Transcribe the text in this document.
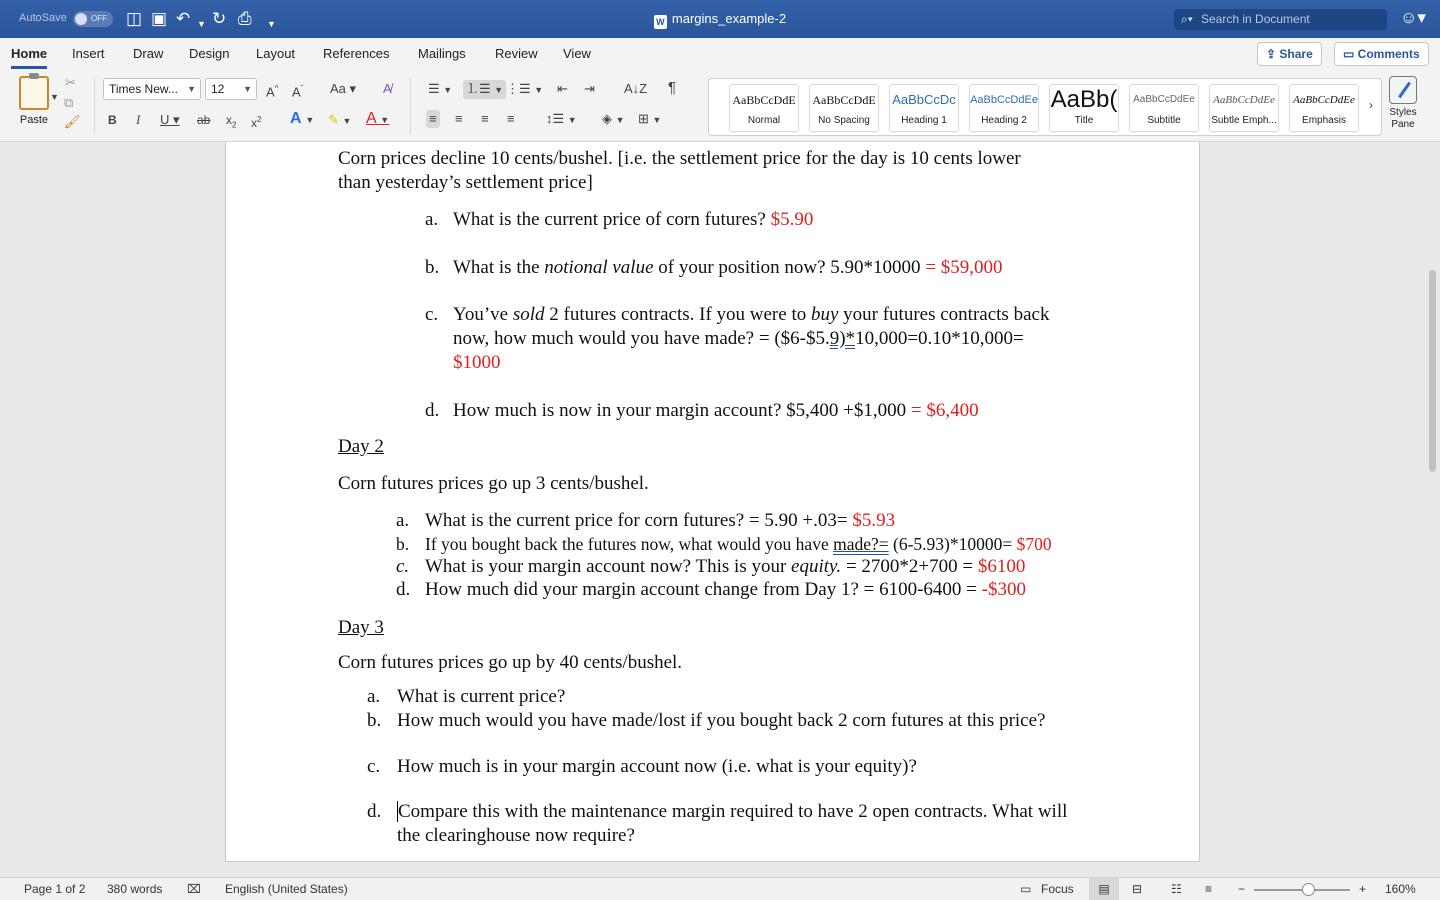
AutoSave	OFF ◫ ▣ ↶ ▼ ↻ ⎙ ▼	W margins_example-2	⌕▾ Search in Document	☺▾
Home Insert Draw Design Layout References Mailings Review View	⇪ Share	▭ Comments
Paste
▼
✂
⧉
🖌
Times New... ▼	12 ▼ A^ $A^ˇ$ Aa ▾ A̸
B I U ▾ ab $x_2$ $x^2$ A ▼ ✎ ▼ A ▼
☰ ▼ ⒈☰ ▼ ⋮☰ ▼ ⇤ ⇥ A↓Z ¶
≡ ≡ ≡ ≡ ↕☰ ▼ ◈ ▼ ⊞ ▼
AaBbCcDdE
Normal
AaBbCcDdE
No Spacing
AaBbCcDc
Heading 1
AaBbCcDdEe
Heading 2
AaBb(
Title
AaBbCcDdEe
Subtitle
AaBbCcDdEe
Subtle Emph...
AaBbCcDdEe
Emphasis
›
Styles Pane
Corn prices decline 10 cents/bushel. [i.e. the settlement price for the day is 10 cents lower
than yesterday’s settlement price]
a. What is the current price of corn futures? $5.90
b. What is the notional value of your position now? 5.90*10000 = $59,000
c. You’ve sold 2 futures contracts. If you were to buy your futures contracts back
now, how much would you have made? = ($6-$5.9)*10,000=0.10*10,000=
$1000
d. How much is now in your margin account? $5,400 +$1,000 = $6,400
Day 2
Corn futures prices go up 3 cents/bushel.
a. What is the current price for corn futures? = 5.90 +.03= $5.93
b. If you bought back the futures now, what would you have made?= (6-5.93)*10000= $700
c. What is your margin account now? This is your equity. = 2700*2+700 = $6100
d. How much did your margin account change from Day 1? = 6100-6400 = -$300
Day 3
Corn futures prices go up by 40 cents/bushel.
a. What is current price?
b. How much would you have made/lost if you bought back 2 corn futures at this price?
c. How much is in your margin account now (i.e. what is your equity)?
d. Compare this with the maintenance margin required to have 2 open contracts. What will
the clearinghouse now require?
Page 1 of 2 380 words ⌧ English (United States)	▭ Focus	▤	⊟ ☷ ≡ −	+ 160%
